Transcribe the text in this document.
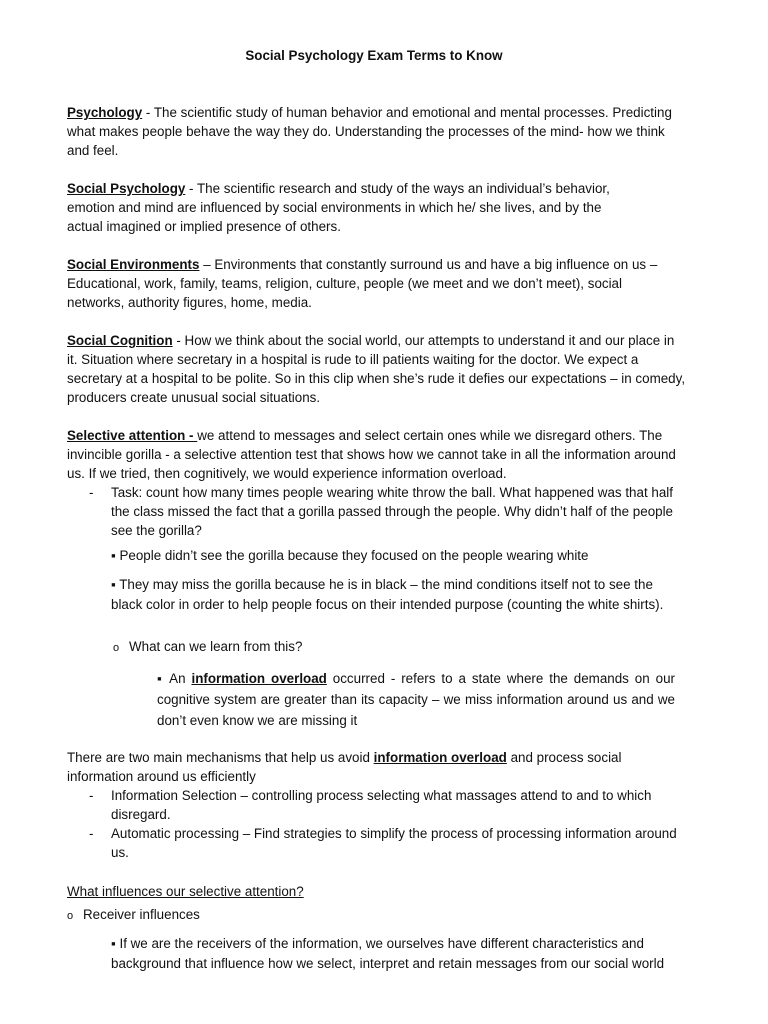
Social Psychology Exam Terms to Know

Psychology - The scientific study of human behavior and emotional and mental processes. Predicting what makes people behave the way they do. Understanding the processes of the mind- how we think and feel.

Social Psychology - The scientific research and study of the ways an individual’s behavior, emotion and mind are influenced by social environments in which he/ she lives, and by the actual imagined or implied presence of others.

Social Environments – Environments that constantly surround us and have a big influence on us – Educational, work, family, teams, religion, culture, people (we meet and we don’t meet), social networks, authority figures, home, media.

Social Cognition - How we think about the social world, our attempts to understand it and our place in it. Situation where secretary in a hospital is rude to ill patients waiting for the doctor. We expect a secretary at a hospital to be polite. So in this clip when she’s rude it defies our expectations – in comedy, producers create unusual social situations.

Selective attention - we attend to messages and select certain ones while we disregard others. The invincible gorilla - a selective attention test that shows how we cannot take in all the information around us. If we tried, then cognitively, we would experience information overload.

- Task: count how many times people wearing white throw the ball. What happened was that half the class missed the fact that a gorilla passed through the people. Why didn’t half of the people see the gorilla?

▪ People didn’t see the gorilla because they focused on the people wearing white

▪ They may miss the gorilla because he is in black – the mind conditions itself not to see the black color in order to help people focus on their intended purpose (counting the white shirts).

o What can we learn from this?

▪ An information overload occurred - refers to a state where the demands on our cognitive system are greater than its capacity – we miss information around us and we don’t even know we are missing it

There are two main mechanisms that help us avoid information overload and process social information around us efficiently

- Information Selection – controlling process selecting what massages attend to and to which disregard.

- Automatic processing – Find strategies to simplify the process of processing information around us.

What influences our selective attention?

o Receiver influences

▪ If we are the receivers of the information, we ourselves have different characteristics and background that influence how we select, interpret and retain messages from our social world
